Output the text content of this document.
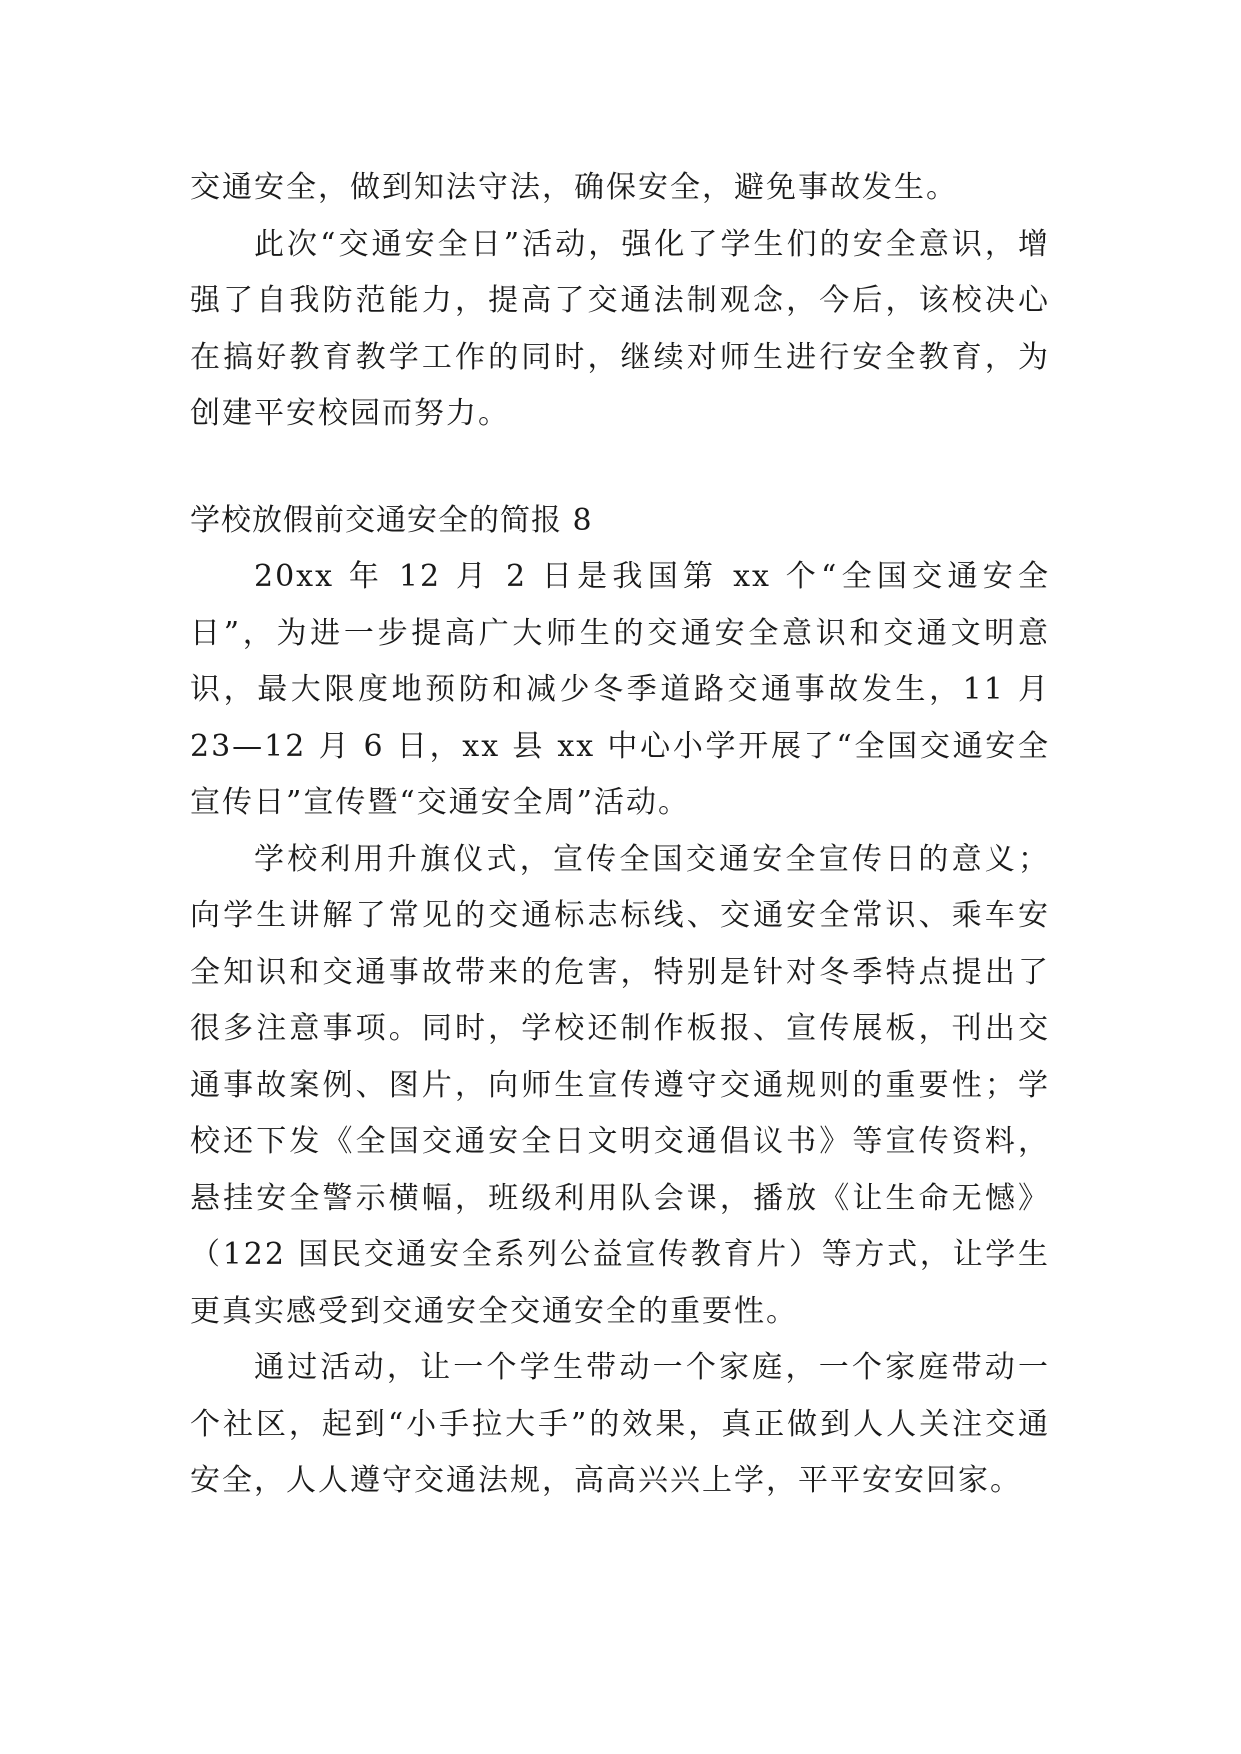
交通安全，做到知法守法，确保安全，避免事故发生。

此次“交通安全日”活动，强化了学生们的安全意识，增强了自我防范能力，提高了交通法制观念，今后，该校决心在搞好教育教学工作的同时，继续对师生进行安全教育，为创建平安校园而努力。

学校放假前交通安全的简报 8

20xx 年 12 月 2 日是我国第 xx 个“全国交通安全日”，为进一步提高广大师生的交通安全意识和交通文明意识，最大限度地预防和减少冬季道路交通事故发生，11 月 23—12 月 6 日，xx 县 xx 中心小学开展了“全国交通安全宣传日”宣传暨“交通安全周”活动。

学校利用升旗仪式，宣传全国交通安全宣传日的意义；向学生讲解了常见的交通标志标线、交通安全常识、乘车安全知识和交通事故带来的危害，特别是针对冬季特点提出了很多注意事项。同时，学校还制作板报、宣传展板，刊出交通事故案例、图片，向师生宣传遵守交通规则的重要性；学校还下发《全国交通安全日文明交通倡议书》等宣传资料，悬挂安全警示横幅，班级利用队会课，播放《让生命无憾》（122 国民交通安全系列公益宣传教育片）等方式，让学生更真实感受到交通安全交通安全的重要性。

通过活动，让一个学生带动一个家庭，一个家庭带动一个社区，起到“小手拉大手”的效果，真正做到人人关注交通安全，人人遵守交通法规，高高兴兴上学，平平安安回家。
